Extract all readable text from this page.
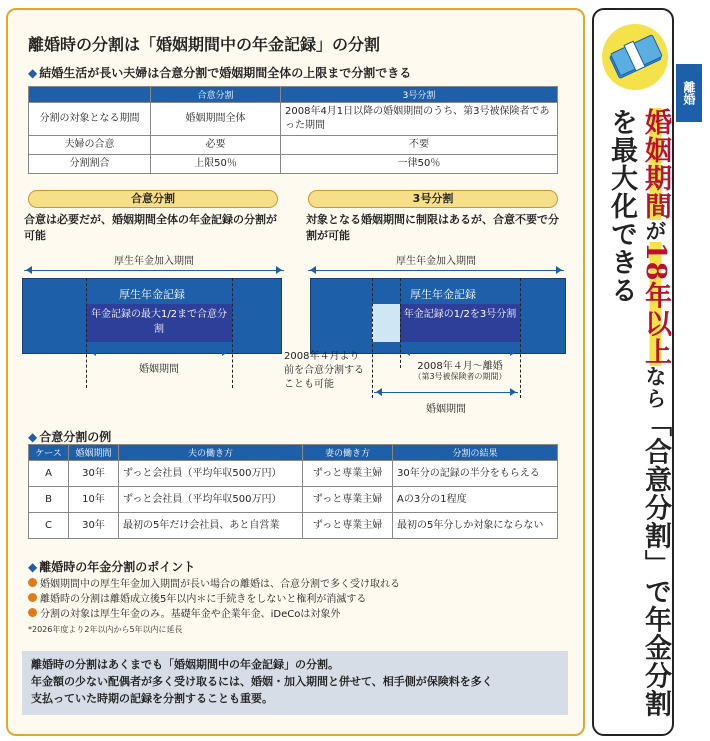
離婚時の分割は「婚姻期間中の年金記録」の分割
◆ 結婚生活が長い夫婦は合意分割で婚姻期間全体の上限まで分割できる
	合意分割	3号分割
分割の対象となる期間	婚姻期間全体	2008年4月1日以降の婚姻期間のうち、第3号被保険者であった期間
夫婦の合意	必要	不要
分割割合	上限50％	一律50％
合意分割
合意は必要だが、婚姻期間全体の年金記録の分割が可能
厚生年金加入期間
厚生年金記録
年金記録の最大1/2まで合意分割
婚姻期間
3号分割
対象となる婚姻期間に制限はあるが、合意不要で分割が可能
厚生年金加入期間
厚生年金記録
年金記録の1/2を3号分割
2008年４月より前を合意分割することも可能
2008年４月～離婚
（第3号被保険者の期間）
婚姻期間
◆ 合意分割の例
ケース	婚姻期間	夫の働き方	妻の働き方	分割の結果
A	30年	ずっと会社員（平均年収500万円）	ずっと専業主婦	30年分の記録の半分をもらえる
B	10年	ずっと会社員（平均年収500万円）	ずっと専業主婦	Aの3分の1程度
C	30年	最初の5年だけ会社員、あと自営業	ずっと専業主婦	最初の5年分しか対象にならない
◆ 離婚時の年金分割のポイント
婚姻期間中の厚生年金加入期間が長い場合の離婚は、合意分割で多く受け取れる
離婚時の分割は離婚成立後5年以内＊に手続きをしないと権利が消滅する
分割の対象は厚生年金のみ。基礎年金や企業年金、iDeCoは対象外
*2026年度より2年以内から5年以内に延長
離婚時の分割はあくまでも「婚姻期間中の年金記録」の分割。
年金額の少ない配偶者が多く受け取るには、婚姻・加入期間と併せて、相手側が保険料を多く
支払っていた時期の記録を分割することも重要。
離婚
婚姻期間が18年以上なら「合意分割」で年金分割を最大化できる
